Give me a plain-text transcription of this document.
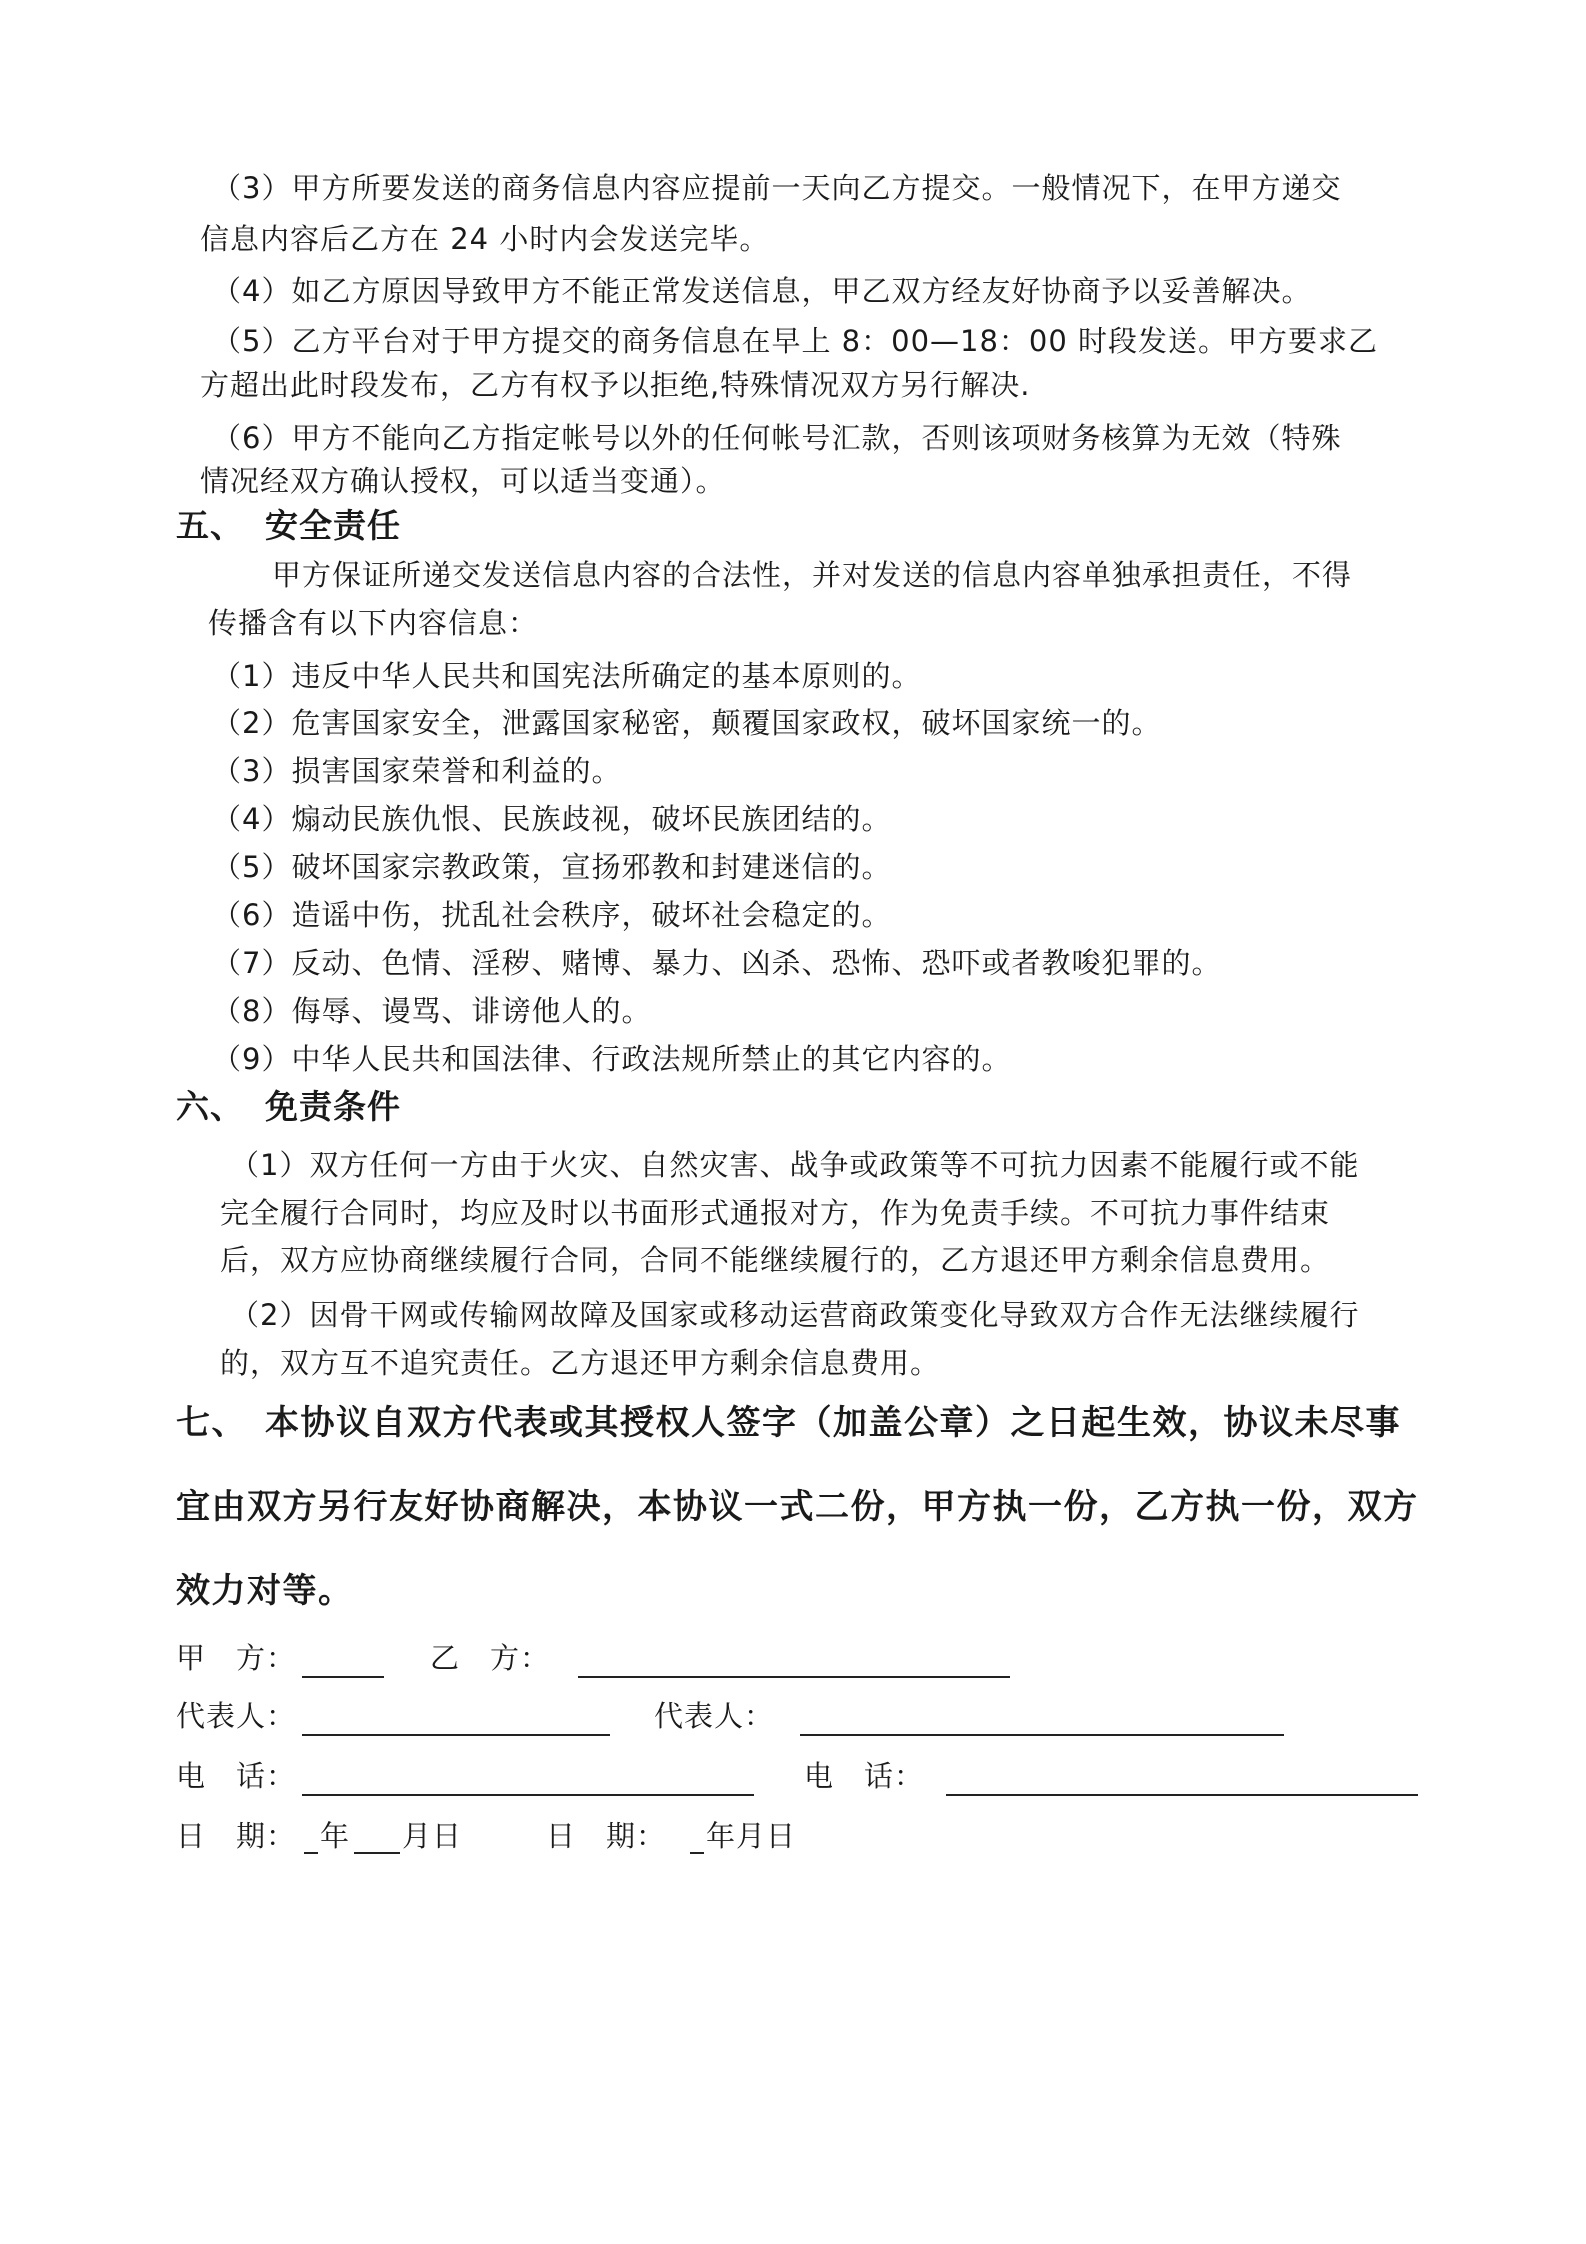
（3）甲方所要发送的商务信息内容应提前一天向乙方提交。一般情况下，在甲方递交
信息内容后乙方在 24 小时内会发送完毕。
（4）如乙方原因导致甲方不能正常发送信息，甲乙双方经友好协商予以妥善解决。
（5）乙方平台对于甲方提交的商务信息在早上 8：00—18：00 时段发送。甲方要求乙
方超出此时段发布，乙方有权予以拒绝,特殊情况双方另行解决.
（6）甲方不能向乙方指定帐号以外的任何帐号汇款，否则该项财务核算为无效（特殊
情况经双方确认授权，可以适当变通）。
五、 安全责任
甲方保证所递交发送信息内容的合法性，并对发送的信息内容单独承担责任，不得
传播含有以下内容信息：
（1）违反中华人民共和国宪法所确定的基本原则的。
（2）危害国家安全，泄露国家秘密，颠覆国家政权，破坏国家统一的。
（3）损害国家荣誉和利益的。
（4）煽动民族仇恨、民族歧视，破坏民族团结的。
（5）破坏国家宗教政策，宣扬邪教和封建迷信的。
（6）造谣中伤，扰乱社会秩序，破坏社会稳定的。
（7）反动、色情、淫秽、赌博、暴力、凶杀、恐怖、恐吓或者教唆犯罪的。
（8）侮辱、谩骂、诽谤他人的。
（9）中华人民共和国法律、行政法规所禁止的其它内容的。
六、 免责条件
（1）双方任何一方由于火灾、自然灾害、战争或政策等不可抗力因素不能履行或不能
完全履行合同时，均应及时以书面形式通报对方，作为免责手续。不可抗力事件结束
后，双方应协商继续履行合同，合同不能继续履行的，乙方退还甲方剩余信息费用。
（2）因骨干网或传输网故障及国家或移动运营商政策变化导致双方合作无法继续履行
的，双方互不追究责任。乙方退还甲方剩余信息费用。
七、 本协议自双方代表或其授权人签字（加盖公章）之日起生效，协议未尽事
宜由双方另行友好协商解决，本协议一式二份，甲方执一份，乙方执一份，双方
效力对等。
甲　方：	乙　方：
代表人：	代表人：
电　话：	电　话：
日　期： 年 月日	日　期： 年月日
